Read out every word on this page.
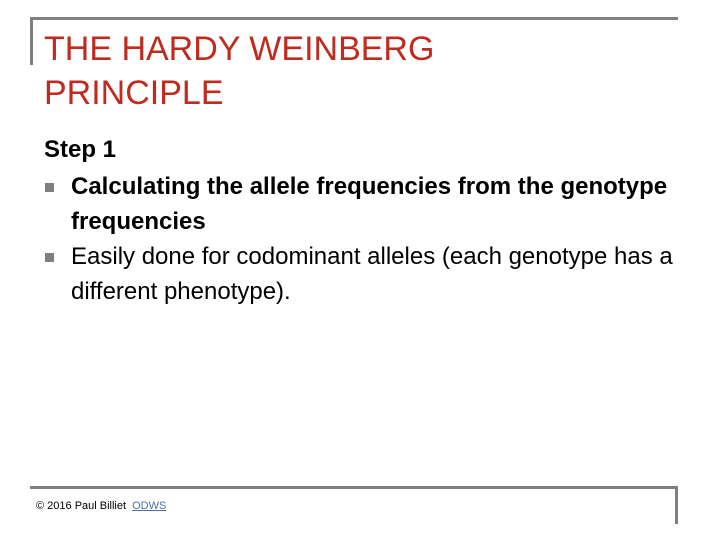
THE HARDY WEINBERG
PRINCIPLE

Step 1

Calculating the allele frequencies from the genotype frequencies
Easily done for codominant alleles (each genotype has a different phenotype).
© 2016 Paul Billiet ODWS
